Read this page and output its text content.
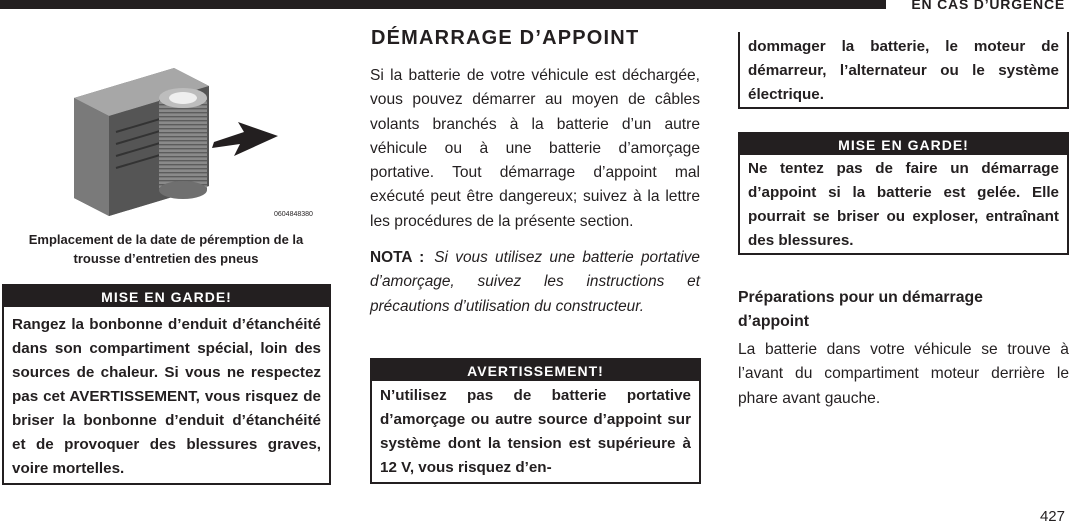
EN CAS D’URGENCE
0604848380
Emplacement de la date de péremption de la trousse d’entretien des pneus
MISE EN GARDE!
Rangez la bonbonne d’enduit d’étanchéité dans son compartiment spécial, loin des sources de chaleur. Si vous ne respectez pas cet AVERTISSEMENT, vous risquez de briser la bonbonne d’enduit d’étanchéité et de provoquer des blessures graves, voire mortelles.
DÉMARRAGE D’APPOINT
Si la batterie de votre véhicule est déchargée, vous pouvez démarrer au moyen de câbles volants branchés à la batterie d’un autre véhicule ou à une batterie d’amorçage portative. Tout démarrage d’appoint mal exécuté peut être dangereux; suivez à la lettre les procédures de la présente section.
NOTA : Si vous utilisez une batterie portative d’amorçage, suivez les instructions et précautions d’utilisation du constructeur.
AVERTISSEMENT!
N’utilisez pas de batterie portative d’amorçage ou autre source d’appoint sur système dont la tension est supérieure à 12 V, vous risquez d’en-
dommager la batterie, le moteur de démarreur, l’alternateur ou le système électrique.
MISE EN GARDE!
Ne tentez pas de faire un démarrage d’appoint si la batterie est gelée. Elle pourrait se briser ou exploser, entraînant des blessures.
Préparations pour un démarrage d’appoint
La batterie dans votre véhicule se trouve à l’avant du compartiment moteur derrière le phare avant gauche.
427
